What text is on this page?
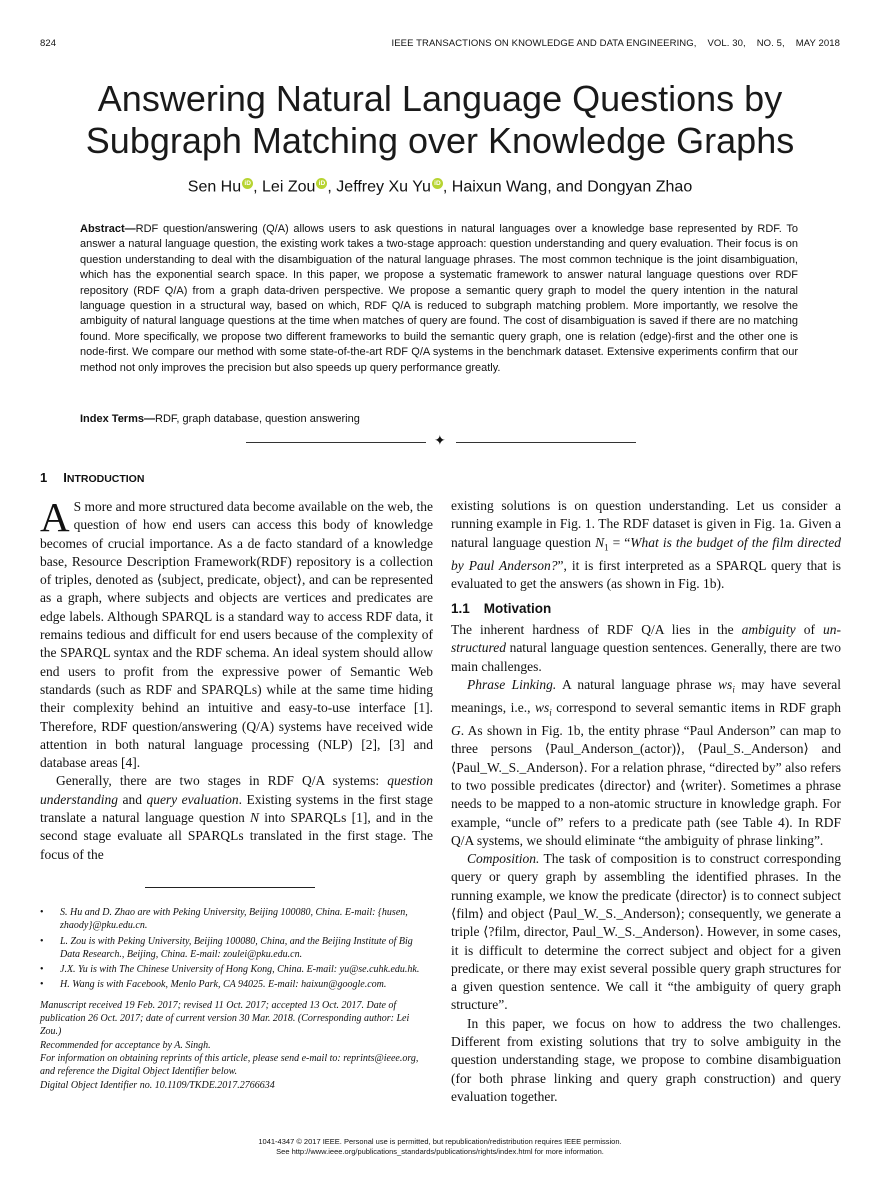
824	IEEE TRANSACTIONS ON KNOWLEDGE AND DATA ENGINEERING,    VOL. 30,    NO. 5,    MAY 2018
Answering Natural Language Questions by
Subgraph Matching over Knowledge Graphs
Sen Hu iD , Lei Zou iD , Jeffrey Xu Yu iD , Haixun Wang, and Dongyan Zhao
Abstract—RDF question/answering (Q/A) allows users to ask questions in natural languages over a knowledge base represented by RDF. To answer a natural language question, the existing work takes a two-stage approach: question understanding and query evaluation. Their focus is on question understanding to deal with the disambiguation of the natural language phrases. The most common technique is the joint disambiguation, which has the exponential search space. In this paper, we propose a systematic framework to answer natural language questions over RDF repository (RDF Q/A) from a graph data-driven perspective. We propose a semantic query graph to model the query intention in the natural language question in a structural way, based on which, RDF Q/A is reduced to subgraph matching problem. More importantly, we resolve the ambiguity of natural language questions at the time when matches of query are found. The cost of disambiguation is saved if there are no matching found. More specifically, we propose two different frameworks to build the semantic query graph, one is relation (edge)-first and the other one is node-first. We compare our method with some state-of-the-art RDF Q/A systems in the benchmark dataset. Extensive experiments confirm that our method not only improves the precision but also speeds up query performance greatly.
Index Terms—RDF, graph database, question answering
✦
1 INTRODUCTION

A S more and more structured data become available on the web, the question of how end users can access this body of knowledge becomes of crucial importance. As a de facto standard of a knowledge base, Resource Description Framework(RDF) repository is a collection of triples, denoted as ⟨subject, predicate, object⟩, and can be represented as a graph, where subjects and objects are vertices and predicates are edge labels. Although SPARQL is a standard way to access RDF data, it remains tedious and difficult for end users because of the complexity of the SPARQL syntax and the RDF schema. An ideal system should allow end users to profit from the expressive power of Semantic Web standards (such as RDF and SPARQLs) while at the same time hiding their complexity behind an intuitive and easy-to-use interface [1]. Therefore, RDF question/answering (Q/A) systems have received wide attention in both natural language processing (NLP) [2], [3] and database areas [4].

Generally, there are two stages in RDF Q/A systems: question understanding and query evaluation. Existing systems in the first stage translate a natural language question N into SPARQLs [1], and in the second stage evaluate all SPARQLs translated in the first stage. The focus of the

existing solutions is on question understanding. Let us consider a running example in Fig. 1. The RDF dataset is given in Fig. 1a. Given a natural language question $N_1$ = “What is the budget of the film directed by Paul Anderson?”, it is first interpreted as a SPARQL query that is evaluated to get the answers (as shown in Fig. 1b).

1.1 Motivation

The inherent hardness of RDF Q/A lies in the ambiguity of un-structured natural language question sentences. Generally, there are two main challenges.

Phrase Linking. A natural language phrase $ws_i$ may have several meanings, i.e., $ws_i$ correspond to several semantic items in RDF graph G. As shown in Fig. 1b, the entity phrase “Paul Anderson” can map to three persons ⟨Paul_Anderson_(actor)⟩, ⟨Paul_S._Anderson⟩ and ⟨Paul_W._S._Anderson⟩. For a relation phrase, “directed by” also refers to two possible predicates ⟨director⟩ and ⟨writer⟩. Sometimes a phrase needs to be mapped to a non-atomic structure in knowledge graph. For example, “uncle of” refers to a predicate path (see Table 4). In RDF Q/A systems, we should eliminate “the ambiguity of phrase linking”.

Composition. The task of composition is to construct corresponding query or query graph by assembling the identified phrases. In the running example, we know the predicate ⟨director⟩ is to connect subject ⟨film⟩ and object ⟨Paul_W._S._Anderson⟩; consequently, we generate a triple ⟨?film, director, Paul_W._S._Anderson⟩. However, in some cases, it is difficult to determine the correct subject and object for a given predicate, or there may exist several possible query graph structures for a given question sentence. We call it “the ambiguity of query graph structure”.

In this paper, we focus on how to address the two challenges. Different from existing solutions that try to solve ambiguity in the question understanding stage, we propose to combine disambiguation (for both phrase linking and query graph construction) and query evaluation together.

• S. Hu and D. Zhao are with Peking University, Beijing 100080, China. E-mail: {husen, zhaody}@pku.edu.cn.
• L. Zou is with Peking University, Beijing 100080, China, and the Beijing Institute of Big Data Research., Beijing, China. E-mail: zoulei@pku.edu.cn.
• J.X. Yu is with The Chinese University of Hong Kong, China. E-mail: yu@se.cuhk.edu.hk.
• H. Wang is with Facebook, Menlo Park, CA 94025. E-mail: haixun@google.com.
Manuscript received 19 Feb. 2017; revised 11 Oct. 2017; accepted 13 Oct. 2017. Date of publication 26 Oct. 2017; date of current version 30 Mar. 2018. (Corresponding author: Lei Zou.)
Recommended for acceptance by A. Singh.
For information on obtaining reprints of this article, please send e-mail to: reprints@ieee.org, and reference the Digital Object Identifier below.
Digital Object Identifier no. 10.1109/TKDE.2017.2766634
1041-4347 © 2017 IEEE. Personal use is permitted, but republication/redistribution requires IEEE permission.
See http://www.ieee.org/publications_standards/publications/rights/index.html for more information.
